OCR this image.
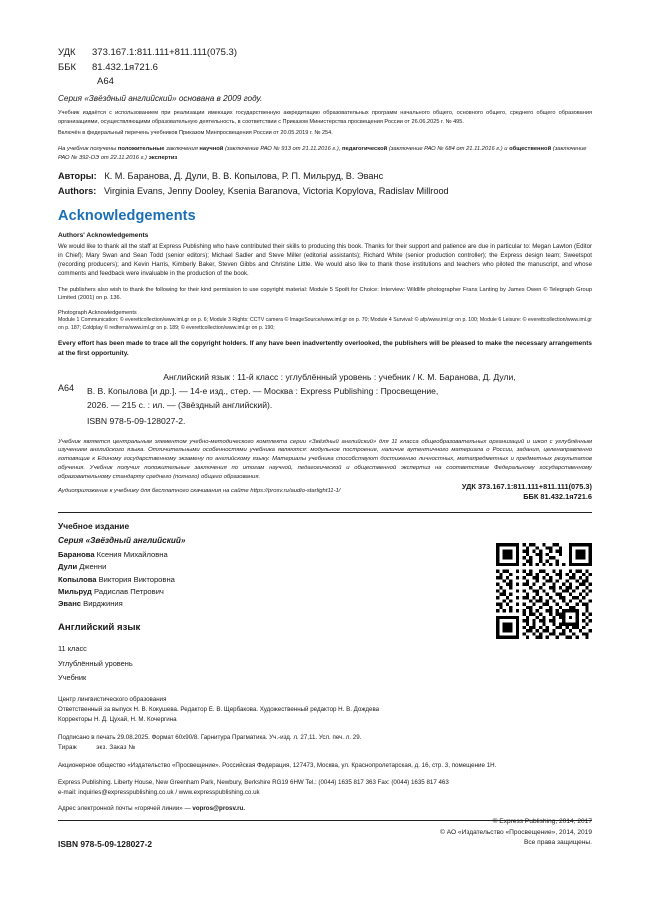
УДК 373.167.1:811.111+811.111(075.3)
ББК 81.432.1я721.6
А64
Серия «Звёздный английский» основана в 2009 году.
Учебник издаётся с использованием при реализации имеющих государственную аккредитацию образовательных программ начального общего, основного общего, среднего общего образования организациями, осуществляющими образовательную деятельность, в соответствии с Приказом Министерства просвещения России от 26.06.2025 г. № 495.
Включён в федеральный перечень учебников Приказом Минпросвещения России от 20.05.2019 г. № 254.
На учебник получены положительные заключения научной (заключение РАО № 913 от 21.11.2016 г.), педагогической (заключение РАО № 684 от 21.11.2016 г.) и общественной (заключение РАО № 392-ОЭ от 22.11.2016 г.) экспертиз
Авторы: К. М. Баранова, Д. Дули, В. В. Копылова, Р. П. Мильруд, В. Эванс
Authors: Virginia Evans, Jenny Dooley, Ksenia Baranova, Victoria Kopylova, Radislav Millrood
Acknowledgements
Authors' Acknowledgements
We would like to thank all the staff at Express Publishing who have contributed their skills to producing this book. Thanks for their support and patience are due in particular to: Megan Lawton (Editor in Chief); Mary Swan and Sean Todd (senior editors); Michael Sadler and Steve Miller (editorial assistants); Richard White (senior production controller); the Express design team; Sweetspot (recording producers); and Kevin Harris, Kimberly Baker, Steven Gibbs and Christine Little. We would also like to thank those institutions and teachers who piloted the manuscript, and whose comments and feedback were invaluable in the production of the book.
The publishers also wish to thank the following for their kind permission to use copyright material: Module 5 Spoilt for Choice: Interview: Wildlife photographer Frans Lanting by James Owen © Telegraph Group Limited (2001) on p. 136.
Photograph Acknowledgements
Module 1 Communication: © everettcollection/www.iml.gr on p. 6; Module 3 Rights: CCTV camera © ImageSource/www.iml.gr on p. 70; Module 4 Survival: © afp/www.iml.gr on p. 100; Module 6 Leisure: © everettcollection/www.iml.gr on p. 187; Coldplay © redferns/www.iml.gr on p. 189; © everettcollection/www.iml.gr on p. 190;
Every effort has been made to trace all the copyright holders. If any have been inadvertently overlooked, the publishers will be pleased to make the necessary arrangements at the first opportunity.
А64
Английский язык : 11-й класс : углублённый уровень : учебник / К. М. Баранова, Д. Дули,
В. В. Копылова [и др.]. — 14-е изд., стер. — Москва : Express Publishing : Просвещение,
2026. — 215 с. : ил. — (Звёздный английский).
ISBN 978-5-09-128027-2.
Учебник является центральным элементом учебно-методического комплекта серии «Звёздный английский» для 11 класса общеобразовательных организаций и школ с углублённым изучением английского языка. Отличительными особенностями учебника являются: модульное построение, наличие аутентичного материала о России, задания, целенаправленно готовящие к Единому государственному экзамену по английскому языку. Материалы учебника способствуют достижению личностных, метапредметных и предметных результатов обучения. Учебник получил положительные заключения по итогам научной, педагогической и общественной экспертиз на соответствие Федеральному государственному образовательному стандарту среднего (полного) общего образования.
Аудиоприложение к учебнику для бесплатного скачивания на сайте https://prosv.ru/audio-starlight11-1/	УДК 373.167.1:811.111+811.111(075.3)
ББК 81.432.1я721.6
Учебное издание
Серия «Звёздный английский»
Баранова Ксения Михайловна
Дули Дженни
Копылова Виктория Викторовна
Мильруд Радислав Петрович
Эванс Вирджиния
Английский язык
11 класс
Углублённый уровень
Учебник
Центр лингвистического образования
Ответственный за выпуск Н. В. Кокушева. Редактор Е. В. Щербакова. Художественный редактор Н. В. Дождева
Корректоры Н. Д. Цухай, Н. М. Кочергина
Подписано в печать 29.08.2025. Формат 60х90/8. Гарнитура Прагматика. Уч.-изд. л. 27,11. Усл. печ. л. 29.
Тираж	экз. Заказ №
Акционерное общество «Издательство «Просвещение». Российская Федерация, 127473, Москва, ул. Краснопролетарская, д. 16, стр. 3, помещение 1Н.
Express Publishing. Liberty House, New Greenham Park, Newbury, Berkshire RG19 6HW Tel.: (0044) 1635 817 363 Fax: (0044) 1635 817 463
e-mail: inquiries@expresspublishing.co.uk / www.expresspublishing.co.uk
Адрес электронной почты «горячей линии» — vopros@prosv.ru.
ISBN 978-5-09-128027-2
© Express Publishing, 2014, 2017
© АО «Издательство «Просвещение», 2014, 2019
Все права защищены.
